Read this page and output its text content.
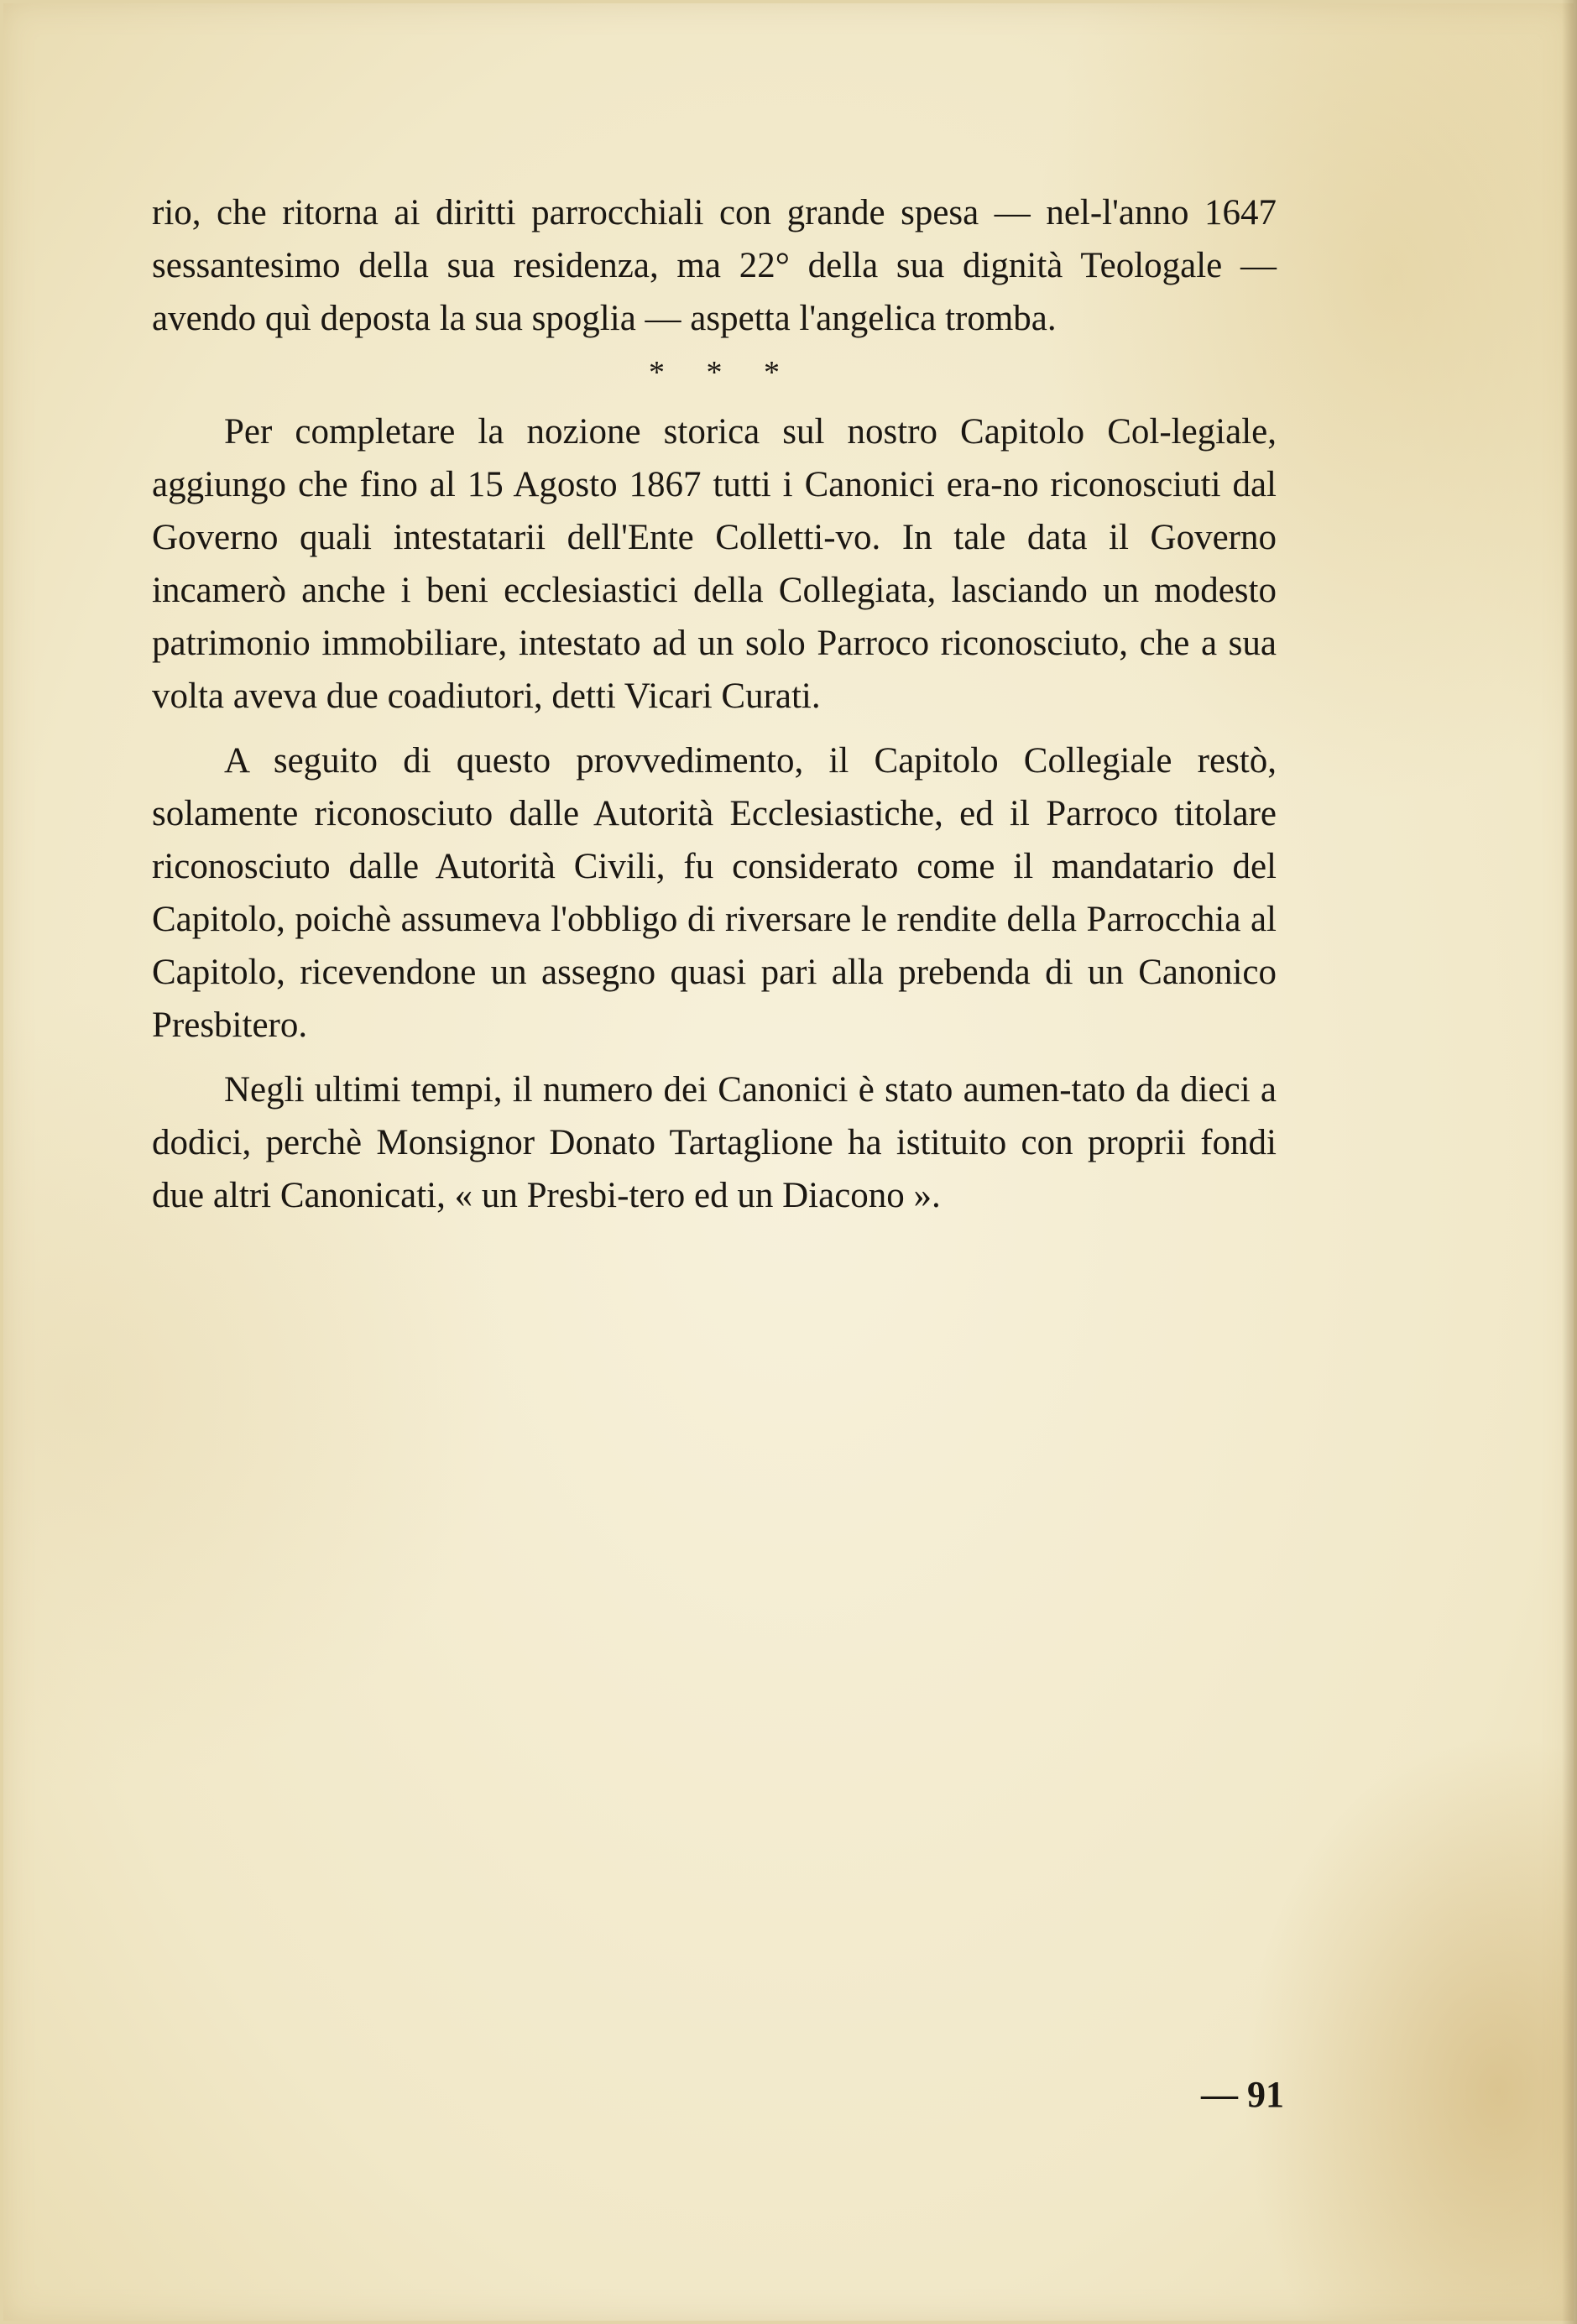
rio, che ritorna ai diritti parrocchiali con grande spesa — nel-l'anno 1647 sessantesimo della sua residenza, ma 22° della sua dignità Teologale — avendo quì deposta la sua spoglia — aspetta l'angelica tromba.

* * *

Per completare la nozione storica sul nostro Capitolo Col-legiale, aggiungo che fino al 15 Agosto 1867 tutti i Canonici era-no riconosciuti dal Governo quali intestatarii dell'Ente Colletti-vo. In tale data il Governo incamerò anche i beni ecclesiastici della Collegiata, lasciando un modesto patrimonio immobiliare, intestato ad un solo Parroco riconosciuto, che a sua volta aveva due coadiutori, detti Vicari Curati.

A seguito di questo provvedimento, il Capitolo Collegiale restò, solamente riconosciuto dalle Autorità Ecclesiastiche, ed il Parroco titolare riconosciuto dalle Autorità Civili, fu considerato come il mandatario del Capitolo, poichè assumeva l'obbligo di riversare le rendite della Parrocchia al Capitolo, ricevendone un assegno quasi pari alla prebenda di un Canonico Presbitero.

Negli ultimi tempi, il numero dei Canonici è stato aumen-tato da dieci a dodici, perchè Monsignor Donato Tartaglione ha istituito con proprii fondi due altri Canonicati, « un Presbi-tero ed un Diacono ».

— 91
